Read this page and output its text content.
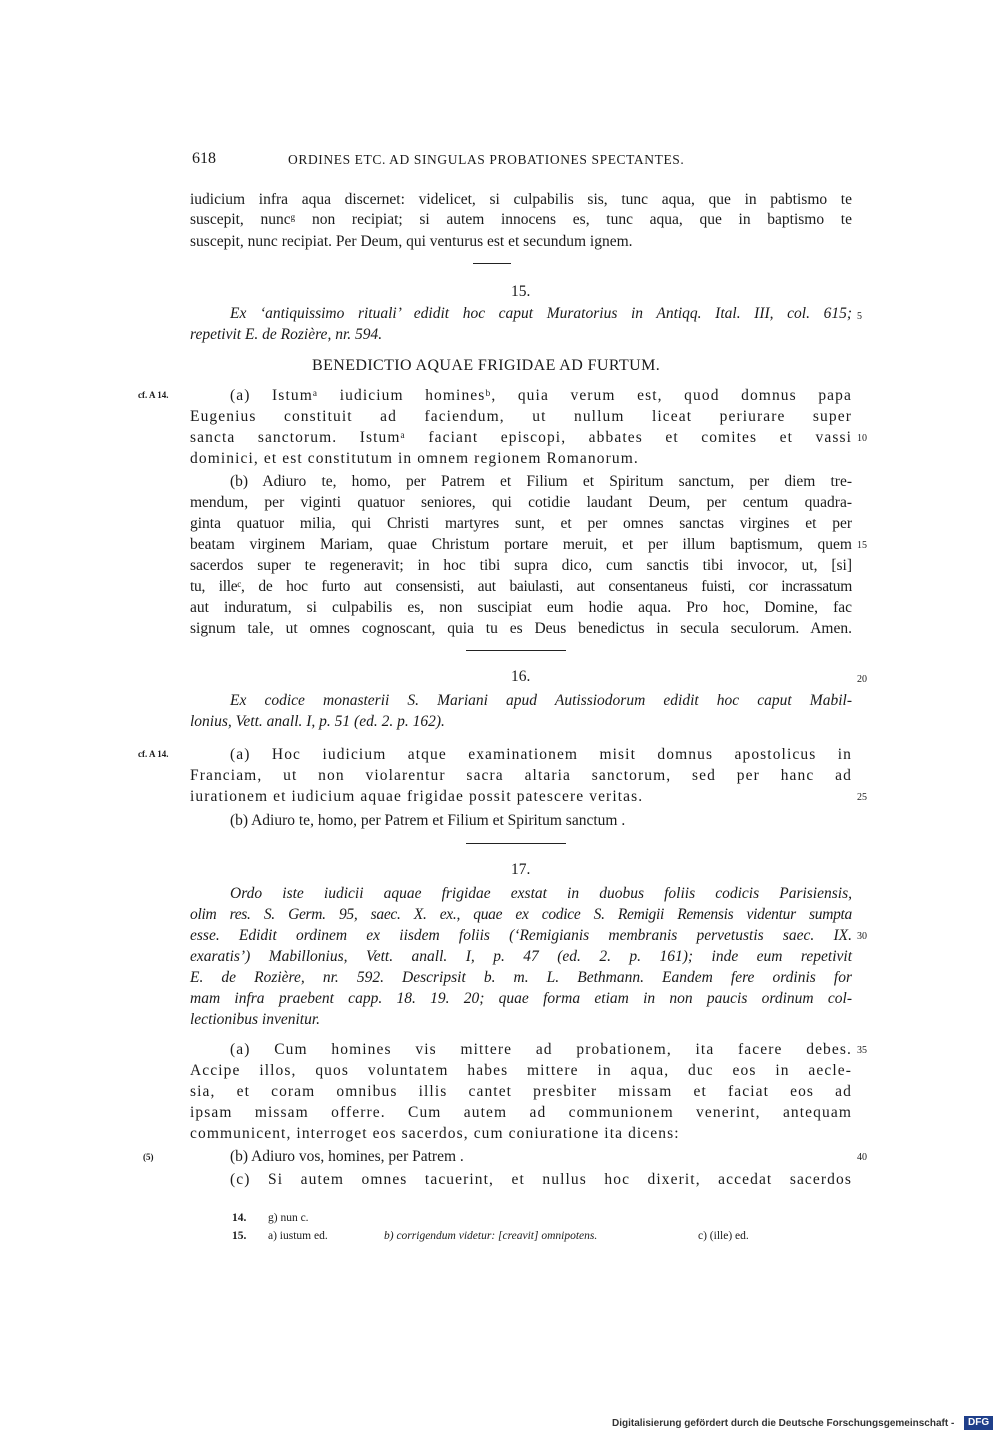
618	ORDINES ETC. AD SINGULAS PROBATIONES SPECTANTES.
iudicium infra aqua discernet: videlicet, si culpabilis sis, tunc aqua, que in pabtismo te
suscepit, nuncᵍ non recipiat; si autem innocens es, tunc aqua, que in baptismo te
suscepit, nunc recipiat. Per Deum, qui venturus est et secundum ignem.
15.
Ex ‘antiquissimo rituali’ edidit hoc caput Muratorius in Antiqq. Ital. III, col. 615;
repetivit E. de Rozière, nr. 594.
BENEDICTIO AQUAE FRIGIDAE AD FURTUM.
cf. A 14.	(a) Istumᵃ iudicium hominesᵇ, quia verum est, quod domnus papa
Eugenius constituit ad faciendum, ut nullum liceat periurare super
sancta sanctorum. Istumᵃ faciant episcopi, abbates et comites et vassi
dominici, et est constitutum in omnem regionem Romanorum.
(b) Adiuro te, homo, per Patrem et Filium et Spiritum sanctum, per diem tre-
mendum, per viginti quatuor seniores, qui cotidie laudant Deum, per centum quadra-
ginta quatuor milia, qui Christi martyres sunt, et per omnes sanctas virgines et per
beatam virginem Mariam, quae Christum portare meruit, et per illum baptismum, quem
sacerdos super te regeneravit; in hoc tibi supra dico, cum sanctis tibi invocor, ut, [si]
tu, illeᶜ, de hoc furto aut consensisti, aut baiulasti, aut consentaneus fuisti, cor incrassatum
aut induratum, si culpabilis es, non suscipiat eum hodie aqua. Pro hoc, Domine, fac
signum tale, ut omnes cognoscant, quia tu es Deus benedictus in secula seculorum. Amen.
5
10
15
16.	20
Ex codice monasterii S. Mariani apud Autissiodorum edidit hoc caput Mabil-
lonius, Vett. anall. I, p. 51 (ed. 2. p. 162).
cf. A 14.	(a) Hoc iudicium atque examinationem misit domnus apostolicus in
Franciam, ut non violarentur sacra altaria sanctorum, sed per hanc ad
iurationem et iudicium aquae frigidae possit patescere veritas.	25
(b) Adiuro te, homo, per Patrem et Filium et Spiritum sanctum .
17.
Ordo iste iudicii aquae frigidae exstat in duobus foliis codicis Parisiensis,
olim res. S. Germ. 95, saec. X. ex., quae ex codice S. Remigii Remensis videntur sumpta
esse. Edidit ordinem ex iisdem foliis (‘Remigianis membranis pervetustis saec. IX.
exaratis’) Mabillonius, Vett. anall. I, p. 47 (ed. 2. p. 161); inde eum repetivit
E. de Rozière, nr. 592. Descripsit b. m. L. Bethmann. Eandem fere ordinis for
mam infra praebent capp. 18. 19. 20; quae forma etiam in non paucis ordinum col-
lectionibus invenitur.
30
(a) Cum homines vis mittere ad probationem, ita facere debes. 35
Accipe illos, quos voluntatem habes mittere in aqua, duc eos in aecle-
sia, et coram omnibus illis cantet presbiter missam et faciat eos ad
ipsam missam offerre. Cum autem ad communionem venerint, antequam
communicent, interroget eos sacerdos, cum coniuratione ita dicens:
(5)	(b) Adiuro vos, homines, per Patrem .	40
(c) Si autem omnes tacuerint, et nullus hoc dixerit, accedat sacerdos
14. g) nun c.
15. a) iustum ed.	b) corrigendum videtur: [creavit] omnipotens.	c) (ille) ed.
Digitalisierung gefördert durch die Deutsche Forschungsgemeinschaft -	DFG
